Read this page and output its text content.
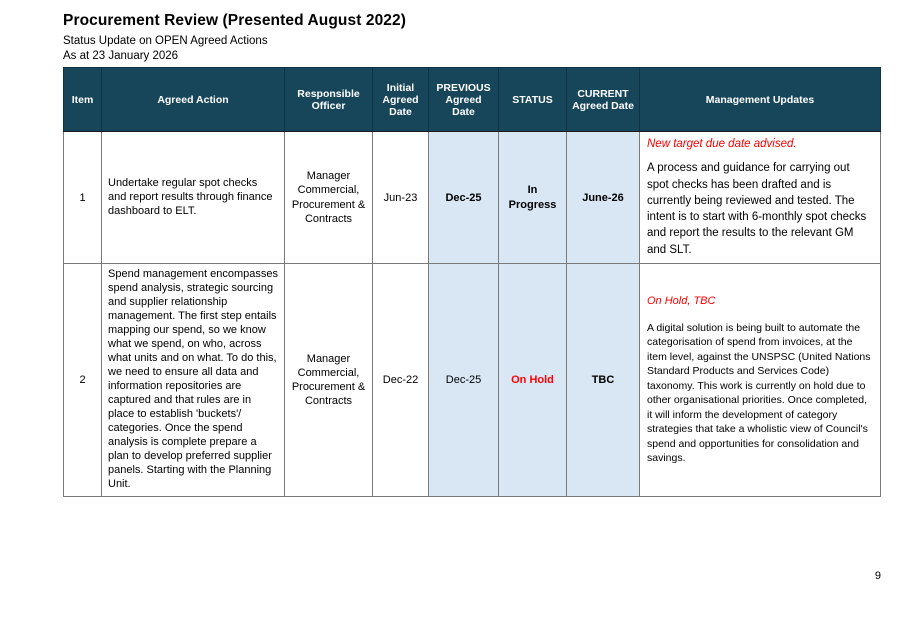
Procurement Review (Presented August 2022)
Status Update on OPEN Agreed Actions
As at 23 January 2026
Item	Agreed Action	Responsible Officer	Initial Agreed Date	PREVIOUS Agreed Date	STATUS	CURRENT Agreed Date	Management Updates
1	Undertake regular spot checks and report results through finance dashboard to ELT.	Manager Commercial, Procurement & Contracts	Jun-23	Dec-25	In Progress	June-26	New target due date advised.

A process and guidance for carrying out spot checks has been drafted and is currently being reviewed and tested. The intent is to start with 6-monthly spot checks and report the results to the relevant GM and SLT.

2	Spend management encompasses spend analysis, strategic sourcing and supplier relationship management. The first step entails mapping our spend, so we know what we spend, on who, across what units and on what. To do this, we need to ensure all data and information repositories are captured and that rules are in place to establish 'buckets'/ categories. Once the spend analysis is complete prepare a plan to develop preferred supplier panels. Starting with the Planning Unit.	Manager Commercial, Procurement & Contracts	Dec-22	Dec-25	On Hold	TBC	

On Hold, TBC

A digital solution is being built to automate the categorisation of spend from invoices, at the item level, against the UNSPSC (United Nations Standard Products and Services Code) taxonomy. This work is currently on hold due to other organisational priorities. Once completed, it will inform the development of category strategies that take a wholistic view of Council's spend and opportunities for consolidation and savings.

9
